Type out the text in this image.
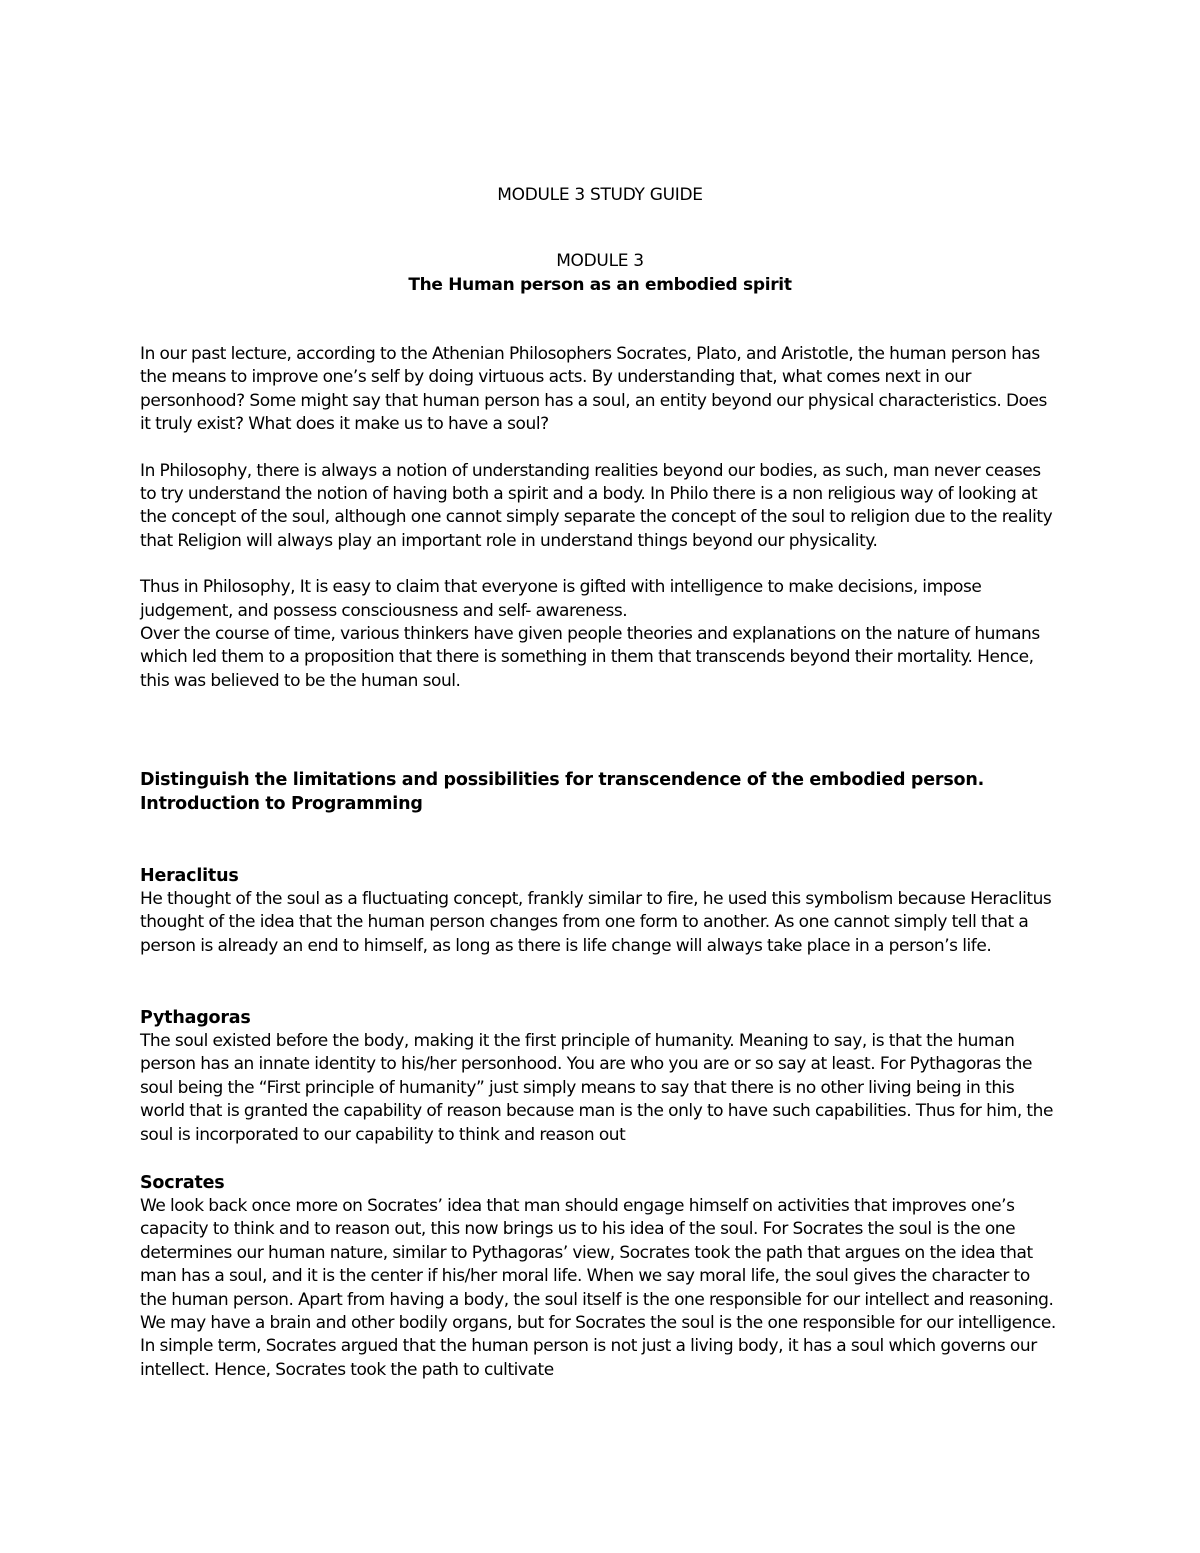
MODULE 3 STUDY GUIDE
MODULE 3
The Human person as an embodied spirit

In our past lecture, according to the Athenian Philosophers Socrates, Plato, and Aristotle, the human person has the means to improve one’s self by doing virtuous acts. By understanding that, what comes next in our personhood? Some might say that human person has a soul, an entity beyond our physical characteristics. Does it truly exist? What does it make us to have a soul?

In Philosophy, there is always a notion of understanding realities beyond our bodies, as such, man never ceases to try understand the notion of having both a spirit and a body. In Philo there is a non religious way of looking at the concept of the soul, although one cannot simply separate the concept of the soul to religion due to the reality that Religion will always play an important role in understand things beyond our physicality.

Thus in Philosophy, It is easy to claim that everyone is gifted with intelligence to make decisions, impose judgement, and possess consciousness and self- awareness.

Over the course of time, various thinkers have given people theories and explanations on the nature of humans which led them to a proposition that there is something in them that transcends beyond their mortality. Hence, this was believed to be the human soul.

Distinguish the limitations and possibilities for transcendence of the embodied person.

Introduction to Programming

Heraclitus

He thought of the soul as a fluctuating concept, frankly similar to fire, he used this symbolism because Heraclitus thought of the idea that the human person changes from one form to another. As one cannot simply tell that a person is already an end to himself, as long as there is life change will always take place in a person’s life.

Pythagoras

The soul existed before the body, making it the first principle of humanity. Meaning to say, is that the human person has an innate identity to his/her personhood. You are who you are or so say at least. For Pythagoras the soul being the “First principle of humanity” just simply means to say that there is no other living being in this world that is granted the capability of reason because man is the only to have such capabilities. Thus for him, the soul is incorporated to our capability to think and reason out

Socrates

We look back once more on Socrates’ idea that man should engage himself on activities that improves one’s capacity to think and to reason out, this now brings us to his idea of the soul. For Socrates the soul is the one determines our human nature, similar to Pythagoras’ view, Socrates took the path that argues on the idea that man has a soul, and it is the center if his/her moral life. When we say moral life, the soul gives the character to the human person. Apart from having a body, the soul itself is the one responsible for our intellect and reasoning. We may have a brain and other bodily organs, but for Socrates the soul is the one responsible for our intelligence. In simple term, Socrates argued that the human person is not just a living body, it has a soul which governs our intellect. Hence, Socrates took the path to cultivate
